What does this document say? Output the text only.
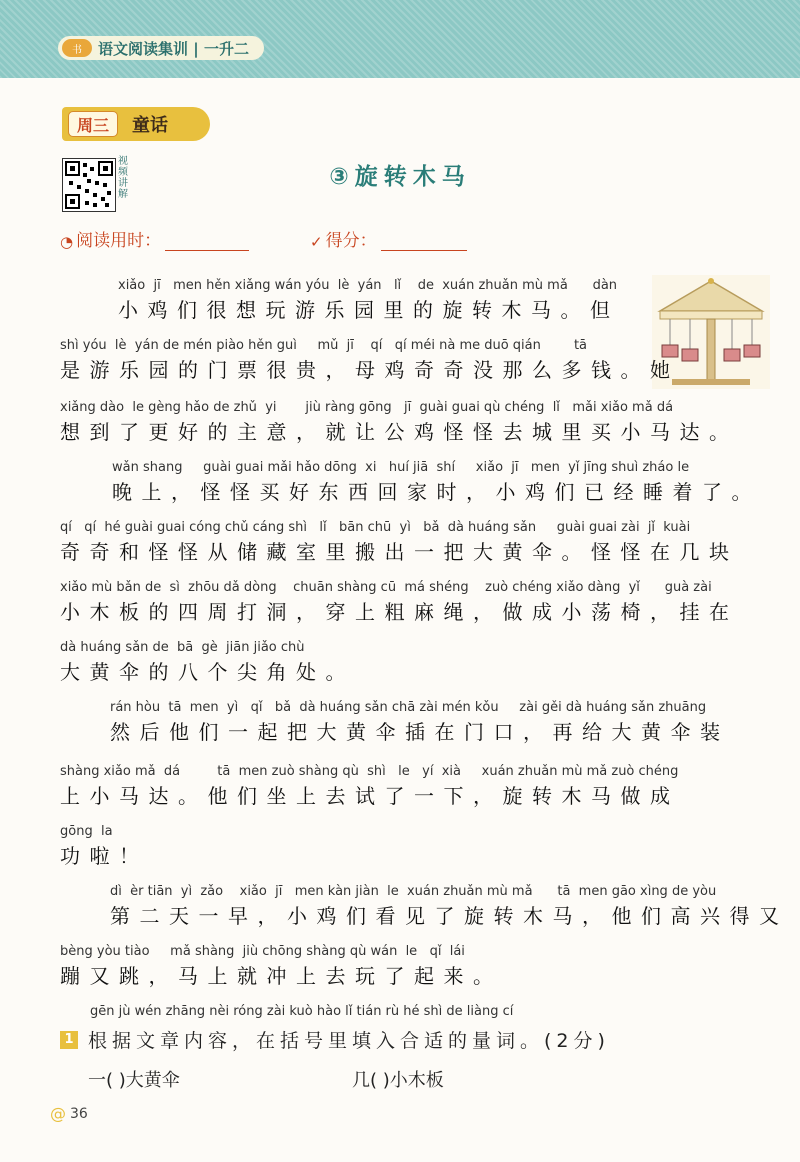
书	语文阅读集训 | 一升二
周三	童话
视频讲解
③旋转木马
◔ 阅读用时：	✓ 得分：
xiǎo  jī   men hěn xiǎng wán yóu  lè  yán   lǐ    de  xuán zhuǎn mù mǎ      dàn
小鸡们很想玩游乐园里的旋转木马。但
shì yóu  lè  yán de mén piào hěn guì     mǔ  jī    qí   qí méi nà me duō qián        tā
是游乐园的门票很贵，母鸡奇奇没那么多钱。她
xiǎng dào  le gèng hǎo de zhǔ  yi       jiù ràng gōng   jī  guài guai qù chéng  lǐ   mǎi xiǎo mǎ dá
想到了更好的主意，就让公鸡怪怪去城里买小马达。
wǎn shang     guài guai mǎi hǎo dōng  xi   huí jiā  shí     xiǎo  jī   men  yǐ jīng shuì zháo le
晚上，怪怪买好东西回家时，小鸡们已经睡着了。
qí   qí  hé guài guai cóng chǔ cáng shì   lǐ   bān chū  yì   bǎ  dà huáng sǎn     guài guai zài  jǐ  kuài
奇奇和怪怪从储藏室里搬出一把大黄伞。怪怪在几块
xiǎo mù bǎn de  sì  zhōu dǎ dòng    chuān shàng cū  má shéng    zuò chéng xiǎo dàng  yǐ      guà zài
小木板的四周打洞，穿上粗麻绳，做成小荡椅，挂在
dà huáng sǎn de  bā  gè  jiān jiǎo chù
大黄伞的八个尖角处。
rán hòu  tā  men  yì   qǐ   bǎ  dà huáng sǎn chā zài mén kǒu     zài gěi dà huáng sǎn zhuāng
然后他们一起把大黄伞插在门口，再给大黄伞装
shàng xiǎo mǎ  dá         tā  men zuò shàng qù  shì   le   yí  xià     xuán zhuǎn mù mǎ zuò chéng
上小马达。他们坐上去试了一下，旋转木马做成
gōng  la
功啦！
dì  èr tiān  yì  zǎo    xiǎo  jī   men kàn jiàn  le  xuán zhuǎn mù mǎ      tā  men gāo xìng de yòu
第二天一早，小鸡们看见了旋转木马，他们高兴得又
bèng yòu tiào     mǎ shàng  jiù chōng shàng qù wán  le   qǐ  lái
蹦又跳，马上就冲上去玩了起来。
gēn jù wén zhāng nèi róng zài kuò hào lǐ tián rù hé shì de liàng cí
1 根据文章内容，在括号里填入合适的量词。(2分)
一( )大黄伞	几( )小木板
@ 36
